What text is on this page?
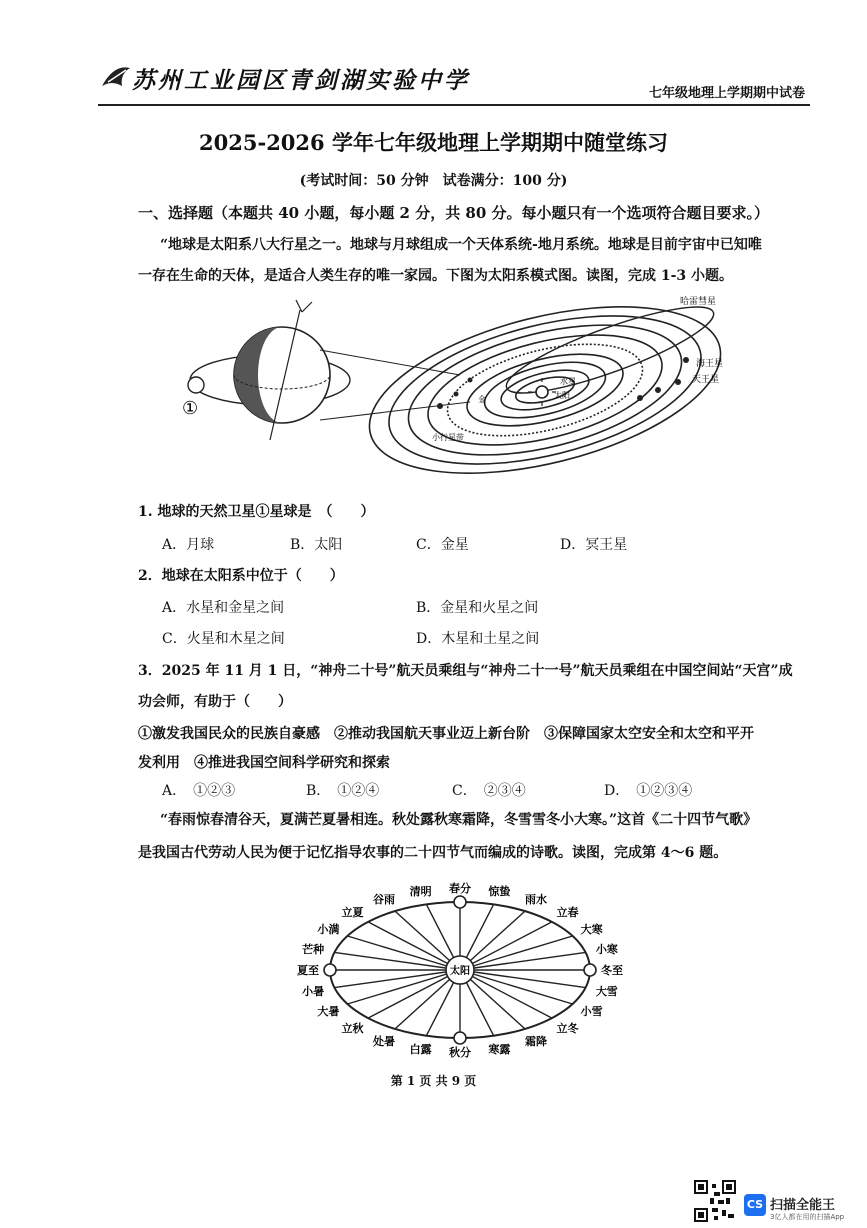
苏州工业园区青剑湖实验中学	七年级地理上学期期中试卷
2025-2026 学年七年级地理上学期期中随堂练习
(考试时间：50 分钟　试卷满分：100 分)
一、选择题（本题共 40 小题，每小题 2 分，共 80 分。每小题只有一个选项符合题目要求。）
“地球是太阳系八大行星之一。地球与月球组成一个天体系统-地月系统。地球是目前宇宙中已知唯
一存在生命的天体，是适合人类生存的唯一家园。下图为太阳系模式图。读图，完成 1-3 小题。
①
哈雷彗星
海王星
天王星
水星
太阳
金
小行星带
1. 地球的天然卫星①星球是　（　　）
A．月球	B．太阳	C．金星	D．冥王星
2．地球在太阳系中位于（　　）
A．水星和金星之间	B．金星和火星之间
C．火星和木星之间	D．木星和土星之间
3．2025 年 11 月 1 日，“神舟二十号”航天员乘组与“神舟二十一号”航天员乘组在中国空间站“天宫”成
功会师，有助于（　　）
①激发我国民众的民族自豪感　②推动我国航天事业迈上新台阶　③保障国家太空安全和太空和平开
发利用　④推进我国空间科学研究和探索
A．　①②③	B．　①②④	C．　②③④	D．　①②③④
“春雨惊春清谷天，夏满芒夏暑相连。秋处露秋寒霜降，冬雪雪冬小大寒。”这首《二十四节气歌》
是我国古代劳动人民为便于记忆指导农事的二十四节气而编成的诗歌。读图，完成第 4～6 题。
太阳
春分 惊蛰
雨水
立春
大寒
小寒
冬至
大雪
小雪
立冬
霜降
寒露
秋分
白露
处暑
立秋
大暑
小暑
夏至
芒种
小满
立夏
谷雨
清明
第 1 页 共 9 页
CS 扫描全能王
3亿人都在用的扫描App
